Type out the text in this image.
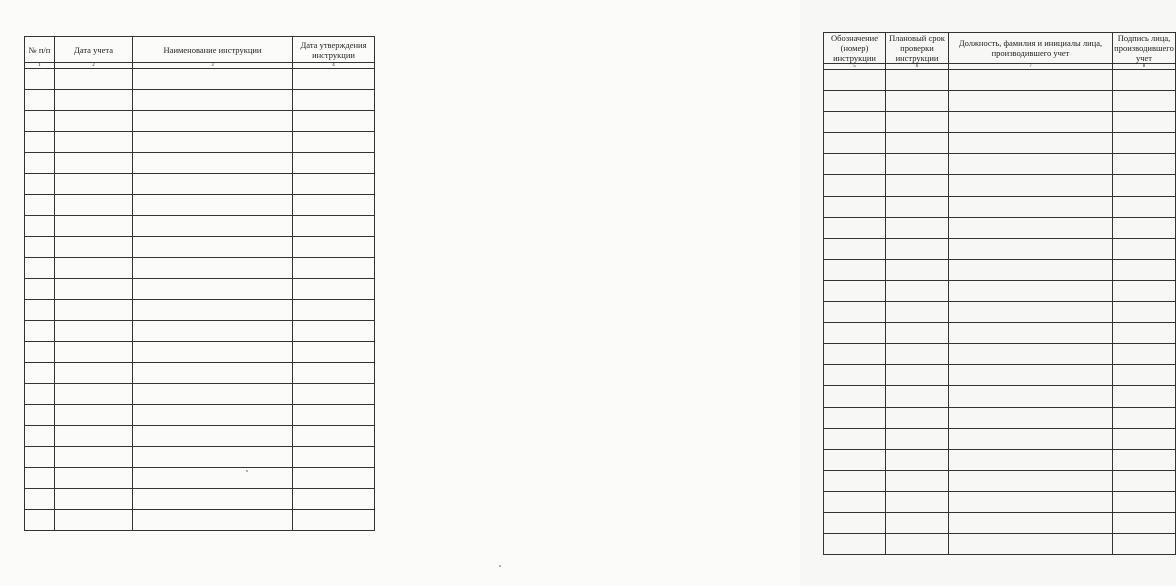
№ п/п	Дата учета	Наименование инструкции	Дата утверждения инструкции
1	2	3	4

Обозначение (номер) инструкции	Плановый срок проверки инструкции	Должность, фамилия и инициалы лица, производившего учет	Подпись лица, производившего учет
5	6	7	8
